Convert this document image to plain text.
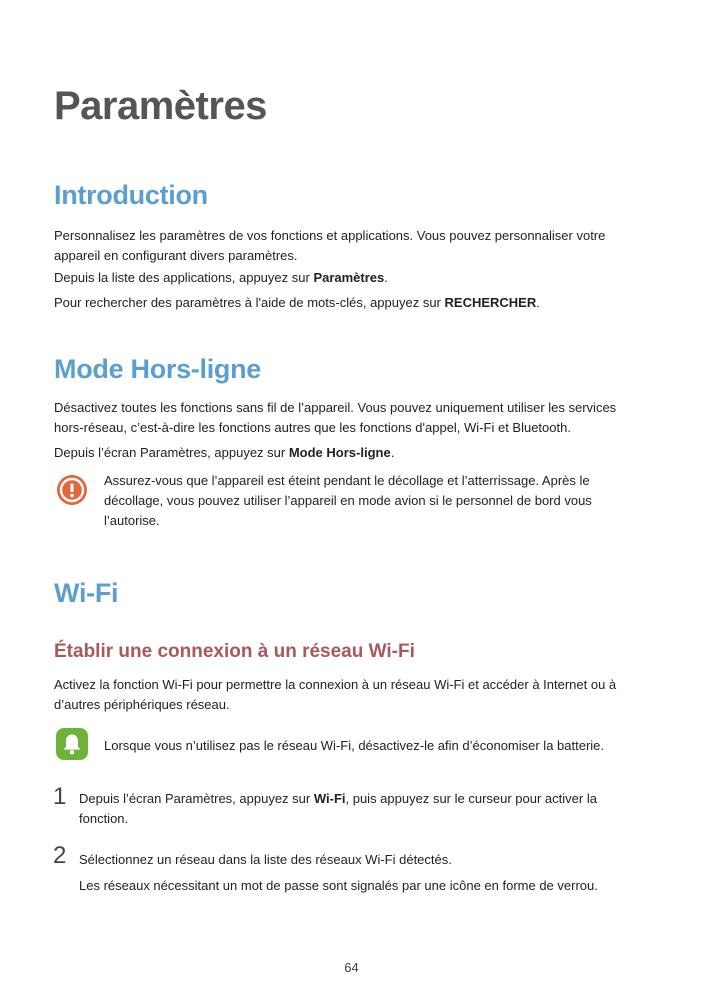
Paramètres
Introduction

Personnalisez les paramètres de vos fonctions et applications. Vous pouvez personnaliser votre appareil en configurant divers paramètres.

Depuis la liste des applications, appuyez sur Paramètres.

Pour rechercher des paramètres à l'aide de mots-clés, appuyez sur RECHERCHER.

Mode Hors-ligne

Désactivez toutes les fonctions sans fil de l’appareil. Vous pouvez uniquement utiliser les services hors-réseau, c’est-à-dire les fonctions autres que les fonctions d'appel, Wi-Fi et Bluetooth.

Depuis l’écran Paramètres, appuyez sur Mode Hors-ligne.

Assurez-vous que l’appareil est éteint pendant le décollage et l’atterrissage. Après le décollage, vous pouvez utiliser l’appareil en mode avion si le personnel de bord vous l’autorise.

Wi-Fi
Établir une connexion à un réseau Wi-Fi

Activez la fonction Wi-Fi pour permettre la connexion à un réseau Wi-Fi et accéder à Internet ou à d’autres périphériques réseau.

Lorsque vous n’utilisez pas le réseau Wi-Fi, désactivez-le afin d’économiser la batterie.

1 Depuis l’écran Paramètres, appuyez sur Wi-Fi, puis appuyez sur le curseur pour activer la fonction.

2 Sélectionnez un réseau dans la liste des réseaux Wi-Fi détectés.

Les réseaux nécessitant un mot de passe sont signalés par une icône en forme de verrou.

64
